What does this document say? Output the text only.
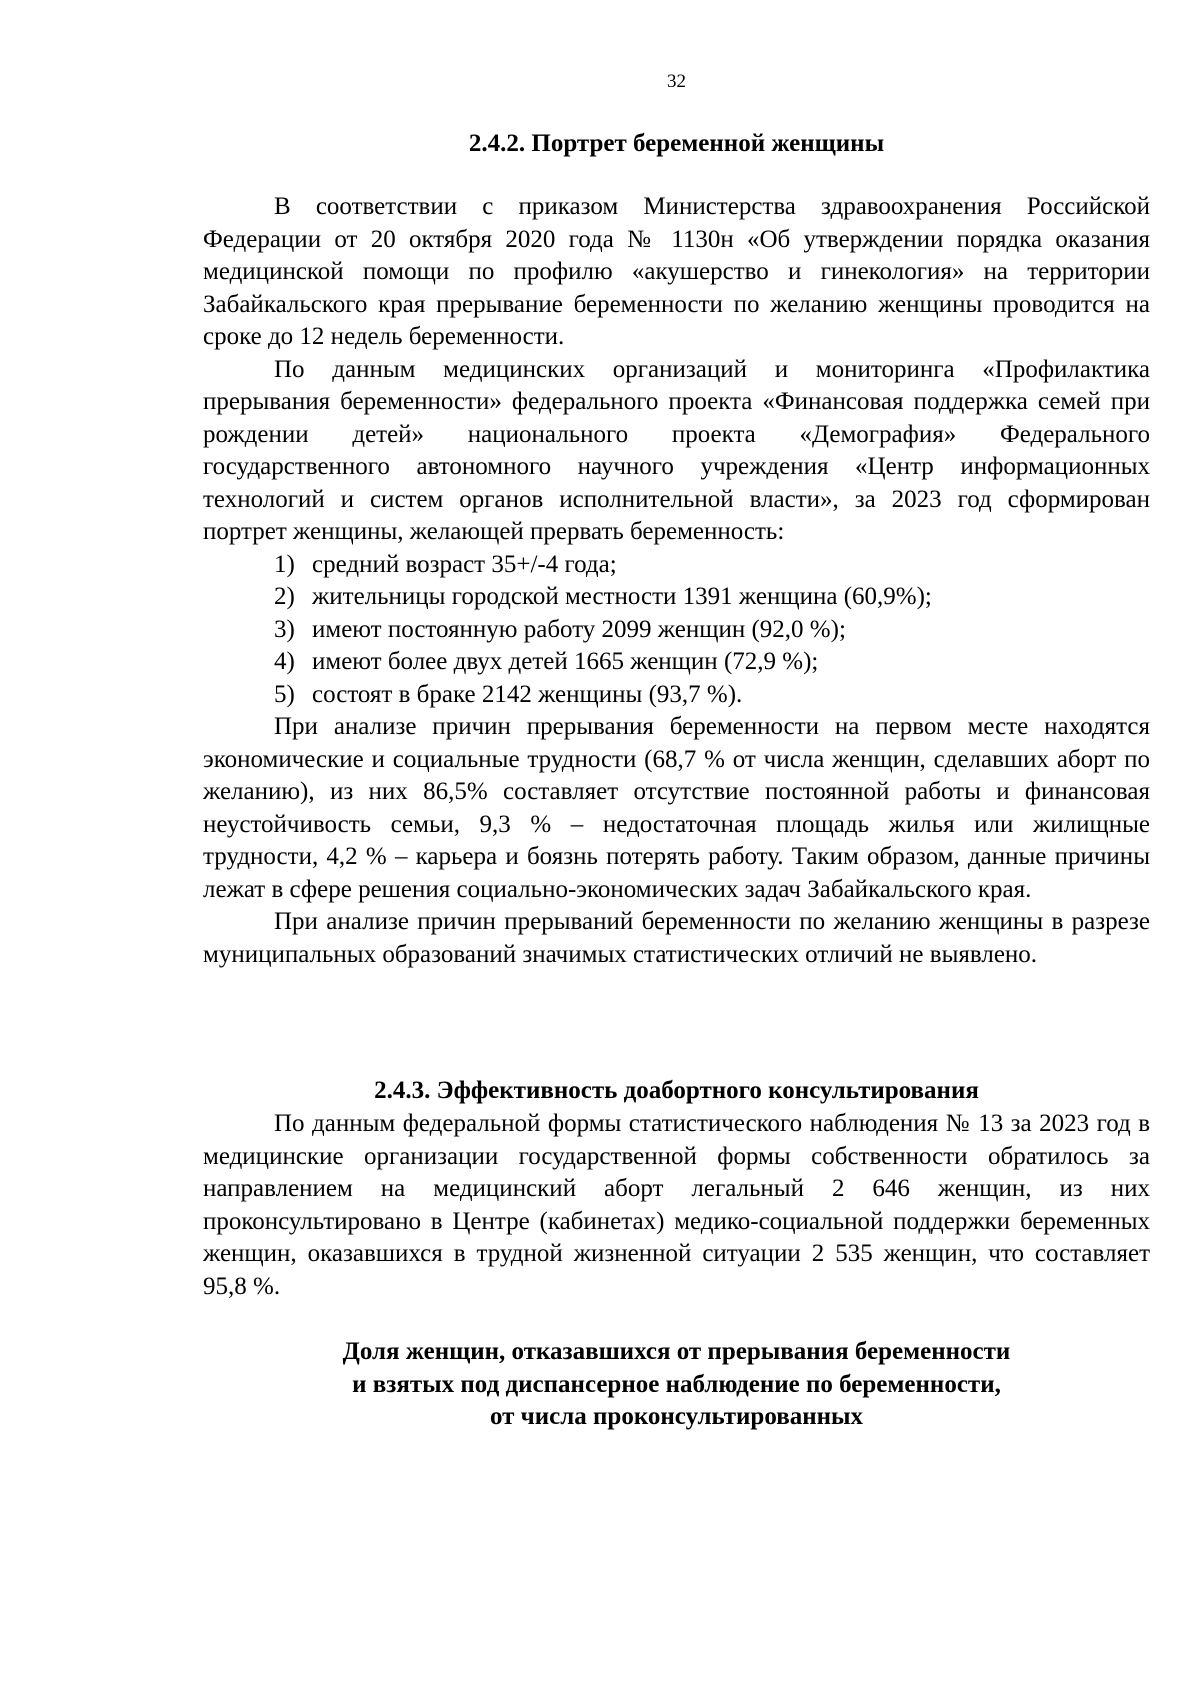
32
2.4.2. Портрет беременной женщины

В соответствии с приказом Министерства здравоохранения Российской Федерации от 20 октября 2020 года № 1130н «Об утверждении порядка оказания медицинской помощи по профилю «акушерство и гинекология» на территории Забайкальского края прерывание беременности по желанию женщины проводится на сроке до 12 недель беременности.

По данным медицинских организаций и мониторинга «Профилактика прерывания беременности» федерального проекта «Финансовая поддержка семей при рождении детей» национального проекта «Демография» Федерального государственного автономного научного учреждения «Центр информационных технологий и систем органов исполнительной власти», за 2023 год сформирован портрет женщины, желающей прервать беременность:

1) средний возраст 35+/-4 года;
2) жительницы городской местности 1391 женщина (60,9%);
3) имеют постоянную работу 2099 женщин (92,0 %);
4) имеют более двух детей 1665 женщин (72,9 %);
5) состоят в браке 2142 женщины (93,7 %).

При анализе причин прерывания беременности на первом месте находятся экономические и социальные трудности (68,7 % от числа женщин, сделавших аборт по желанию), из них 86,5% составляет отсутствие постоянной работы и финансовая неустойчивость семьи, 9,3 % – недостаточная площадь жилья или жилищные трудности, 4,2 % – карьера и боязнь потерять работу. Таким образом, данные причины лежат в сфере решения социально-экономических задач Забайкальского края.

При анализе причин прерываний беременности по желанию женщины в разрезе муниципальных образований значимых статистических отличий не выявлено.

2.4.3. Эффективность доабортного консультирования

По данным федеральной формы статистического наблюдения № 13 за 2023 год в медицинские организации государственной формы собственности обратилось за направлением на медицинский аборт легальный 2 646 женщин, из них проконсультировано в Центре (кабинетах) медико-социальной поддержки беременных женщин, оказавшихся в трудной жизненной ситуации 2 535 женщин, что составляет 95,8 %.

Доля женщин, отказавшихся от прерывания беременности
и взятых под диспансерное наблюдение по беременности,
от числа проконсультированных
